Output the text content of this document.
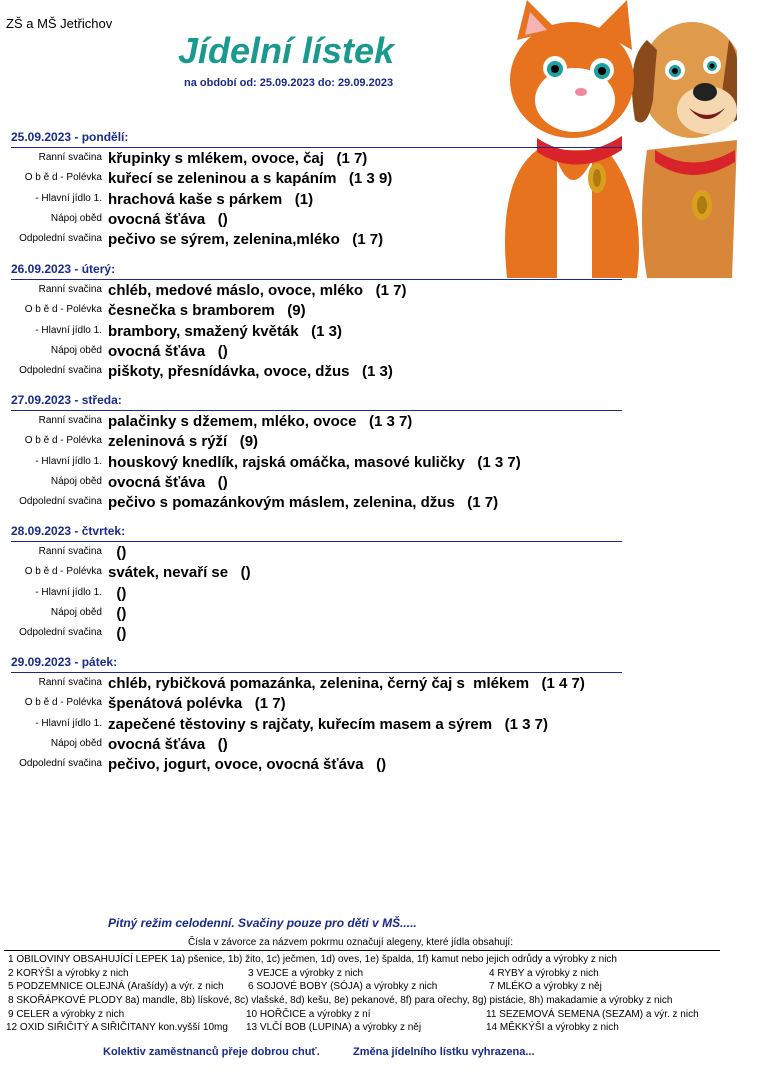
ZŠ a MŠ Jetřichov
Jídelní lístek
na období od: 25.09.2023 do: 29.09.2023
25.09.2023 - pondělí:
Ranní svačina křupinky s mlékem, ovoce, čaj   (1 7)
O b ě d - Polévka kuřecí se zeleninou a s kapáním   (1 3 9)
- Hlavní jídlo 1. hrachová kaše s párkem   (1)
Nápoj oběd ovocná šťáva   ()
Odpolední svačina pečivo se sýrem, zelenina,mléko   (1 7)
26.09.2023 - úterý:
Ranní svačina chléb, medové máslo, ovoce, mléko   (1 7)
O b ě d - Polévka česnečka s bramborem   (9)
- Hlavní jídlo 1. brambory, smažený květák   (1 3)
Nápoj oběd ovocná šťáva   ()
Odpolední svačina piškoty, přesnídávka, ovoce, džus   (1 3)
27.09.2023 - středa:
Ranní svačina palačinky s džemem, mléko, ovoce   (1 3 7)
O b ě d - Polévka zeleninová s rýží   (9)
- Hlavní jídlo 1. houskový knedlík, rajská omáčka, masové kuličky   (1 3 7)
Nápoj oběd ovocná šťáva   ()
Odpolední svačina pečivo s pomazánkovým máslem, zelenina, džus   (1 7)
28.09.2023 - čtvrtek:
Ranní svačina ()
O b ě d - Polévka svátek, nevaří se   ()
- Hlavní jídlo 1. ()
Nápoj oběd ()
Odpolední svačina ()
29.09.2023 - pátek:
Ranní svačina chléb, rybičková pomazánka, zelenina, černý čaj s  mlékem   (1 4 7)
O b ě d - Polévka špenátová polévka   (1 7)
- Hlavní jídlo 1. zapečené těstoviny s rajčaty, kuřecím masem a sýrem   (1 3 7)
Nápoj oběd ovocná šťáva   ()
Odpolední svačina pečivo, jogurt, ovoce, ovocná šťáva   ()
Pitný režim celodenní. Svačiny pouze pro děti v MŠ.....
Čísla v závorce za názvem pokrmu označují alegeny, které jídla obsahují:
1 OBILOVINY OBSAHUJÍCÍ LEPEK 1a) pšenice, 1b) žito, 1c) ječmen, 1d) oves, 1e) špalda, 1f) kamut nebo jejich odrůdy a výrobky z nich
2 KORÝŠI a výrobky z nich	3 VEJCE a výrobky z nich	4 RYBY a výrobky z nich
5 PODZEMNICE OLEJNÁ (Arašídy) a výr. z nich 6 SOJOVÉ BOBY (SÓJA) a výrobky z nich	7 MLÉKO a výrobky z něj
8 SKOŘÁPKOVÉ PLODY 8a) mandle, 8b) lískové, 8c) vlašské, 8d) kešu, 8e) pekanové, 8f) para ořechy, 8g) pistácie, 8h) makadamie a výrobky z nich
9 CELER a výrobky z nich	10 HOŘČICE a výrobky z ní	11 SEZEMOVÁ SEMENA (SEZAM) a výr. z nich
12 OXID SIŘIČITÝ A SIŘIČITANY kon.vyšší 10mg 13 VLČÍ BOB (LUPINA) a výrobky z něj	14 MĚKKÝŠI a výrobky z nich
Kolektiv zaměstnanců přeje dobrou chuť.	Změna jídelního lístku vyhrazena...
